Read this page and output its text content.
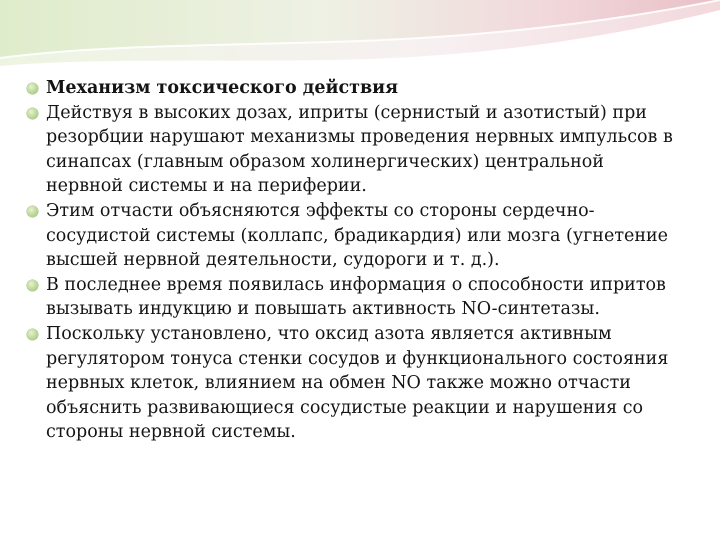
Механизм токсического действия
Действуя в высоких дозах, иприты (сернистый и азотистый) при резорбции нарушают механизмы проведения нервных импульсов в синапсах (главным образом холинергических) центральной нервной системы и на периферии.
Этим отчасти объясняются эффекты со стороны сердечно-сосудистой системы (коллапс, брадикардия) или мозга (угнетение высшей нервной деятельности, судороги и т. д.).
В последнее время появилась информация о способности ипритов вызывать индукцию и повышать активность NO-синтетазы.
Поскольку установлено, что оксид азота является активным регулятором тонуса стенки сосудов и функционального состояния нервных клеток, влиянием на обмен NO также можно отчасти объяснить развивающиеся сосудистые реакции и нарушения со стороны нервной системы.
